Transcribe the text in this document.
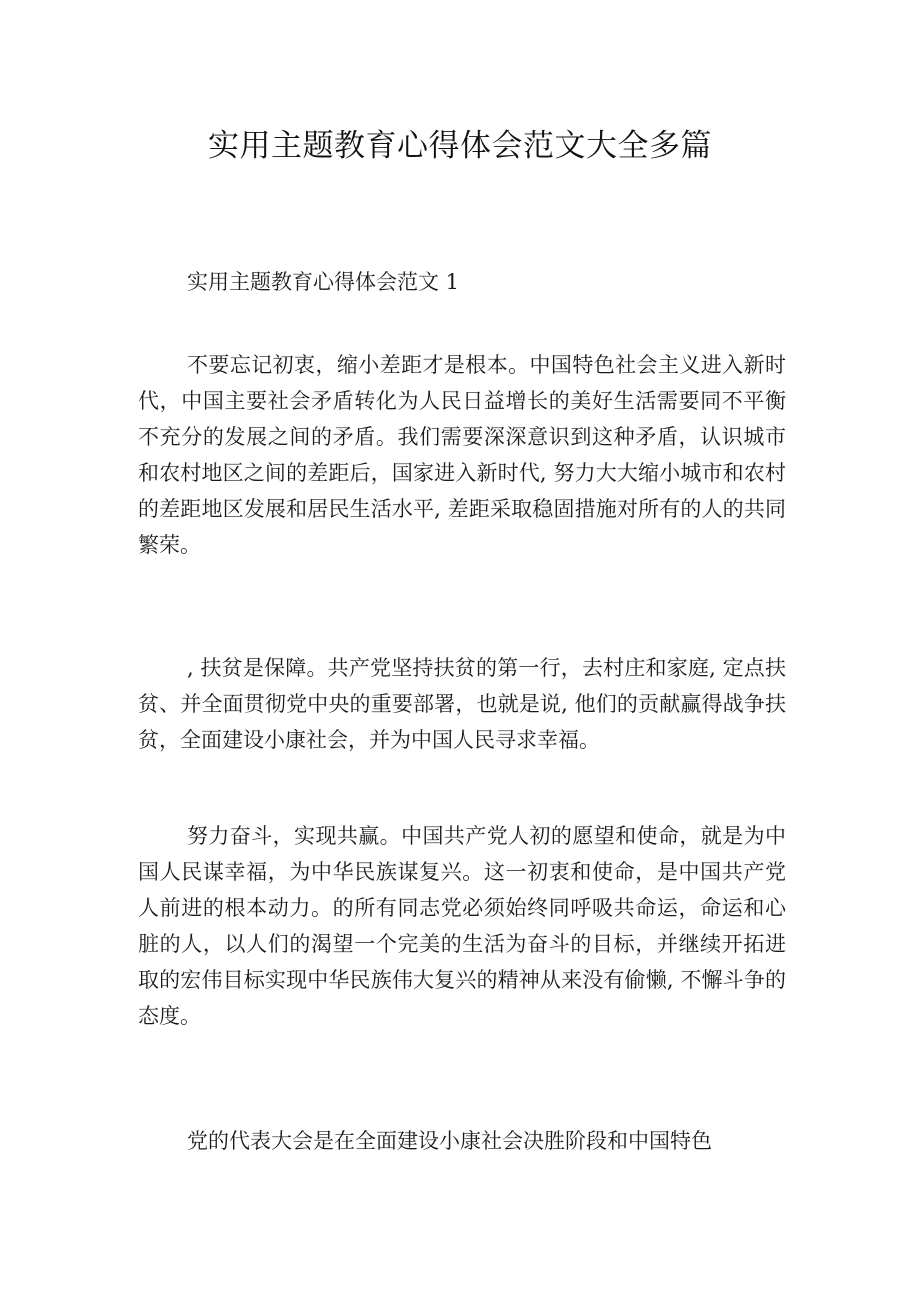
实用主题教育心得体会范文大全多篇
实用主题教育心得体会范文 1

不要忘记初衷，缩小差距才是根本。中国特色社会主义进入新时代，中国主要社会矛盾转化为人民日益增长的美好生活需要同不平衡不充分的发展之间的矛盾。我们需要深深意识到这种矛盾，认识城市和农村地区之间的差距后，国家进入新时代, 努力大大缩小城市和农村的差距地区发展和居民生活水平, 差距采取稳固措施对所有的人的共同繁荣。

, 扶贫是保障。共产党坚持扶贫的第一行，去村庄和家庭, 定点扶贫、并全面贯彻党中央的重要部署，也就是说, 他们的贡献赢得战争扶贫，全面建设小康社会，并为中国人民寻求幸福。

努力奋斗，实现共赢。中国共产党人初的愿望和使命，就是为中国人民谋幸福，为中华民族谋复兴。这一初衷和使命，是中国共产党人前进的根本动力。的所有同志党必须始终同呼吸共命运，命运和心脏的人，以人们的渴望一个完美的生活为奋斗的目标，并继续开拓进取的宏伟目标实现中华民族伟大复兴的精神从来没有偷懒, 不懈斗争的态度。

党的代表大会是在全面建设小康社会决胜阶段和中国特色
